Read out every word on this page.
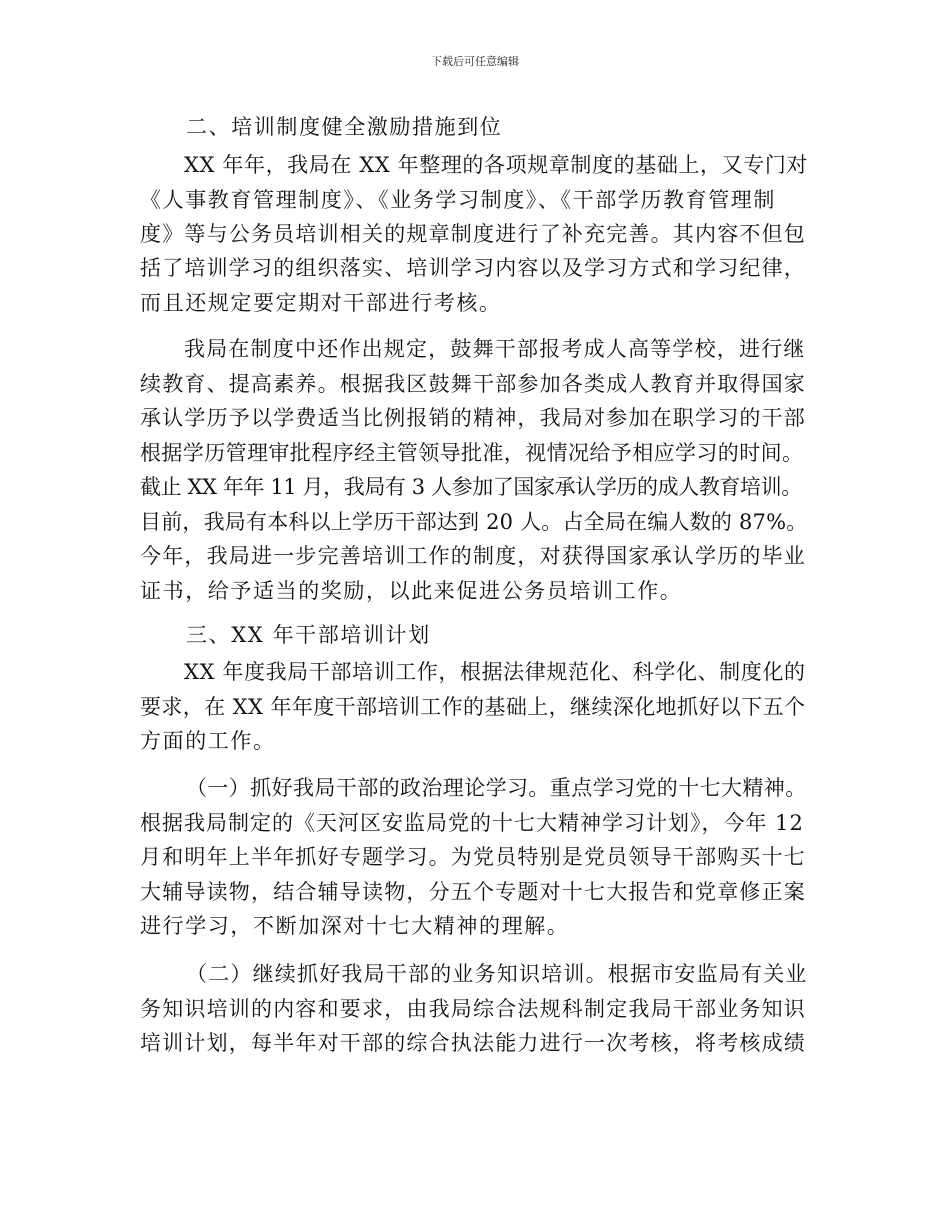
下载后可任意编辑
二、培训制度健全激励措施到位
XX 年年，我局在 XX 年整理的各项规章制度的基础上，又专门对
《人事教育管理制度》、《业务学习制度》、《干部学历教育管理制
度》等与公务员培训相关的规章制度进行了补充完善。其内容不但包
括了培训学习的组织落实、培训学习内容以及学习方式和学习纪律，
而且还规定要定期对干部进行考核。
我局在制度中还作出规定，鼓舞干部报考成人高等学校，进行继
续教育、提高素养。根据我区鼓舞干部参加各类成人教育并取得国家
承认学历予以学费适当比例报销的精神，我局对参加在职学习的干部
根据学历管理审批程序经主管领导批准，视情况给予相应学习的时间。
截止 XX 年年 11 月，我局有 3 人参加了国家承认学历的成人教育培训。
目前，我局有本科以上学历干部达到 20 人。占全局在编人数的 87%。
今年，我局进一步完善培训工作的制度，对获得国家承认学历的毕业
证书，给予适当的奖励，以此来促进公务员培训工作。
三、XX 年干部培训计划
XX 年度我局干部培训工作，根据法律规范化、科学化、制度化的
要求，在 XX 年年度干部培训工作的基础上，继续深化地抓好以下五个
方面的工作。
（一）抓好我局干部的政治理论学习。重点学习党的十七大精神。
根据我局制定的《天河区安监局党的十七大精神学习计划》，今年 12
月和明年上半年抓好专题学习。为党员特别是党员领导干部购买十七
大辅导读物，结合辅导读物，分五个专题对十七大报告和党章修正案
进行学习，不断加深对十七大精神的理解。
（二）继续抓好我局干部的业务知识培训。根据市安监局有关业
务知识培训的内容和要求，由我局综合法规科制定我局干部业务知识
培训计划，每半年对干部的综合执法能力进行一次考核，将考核成绩
